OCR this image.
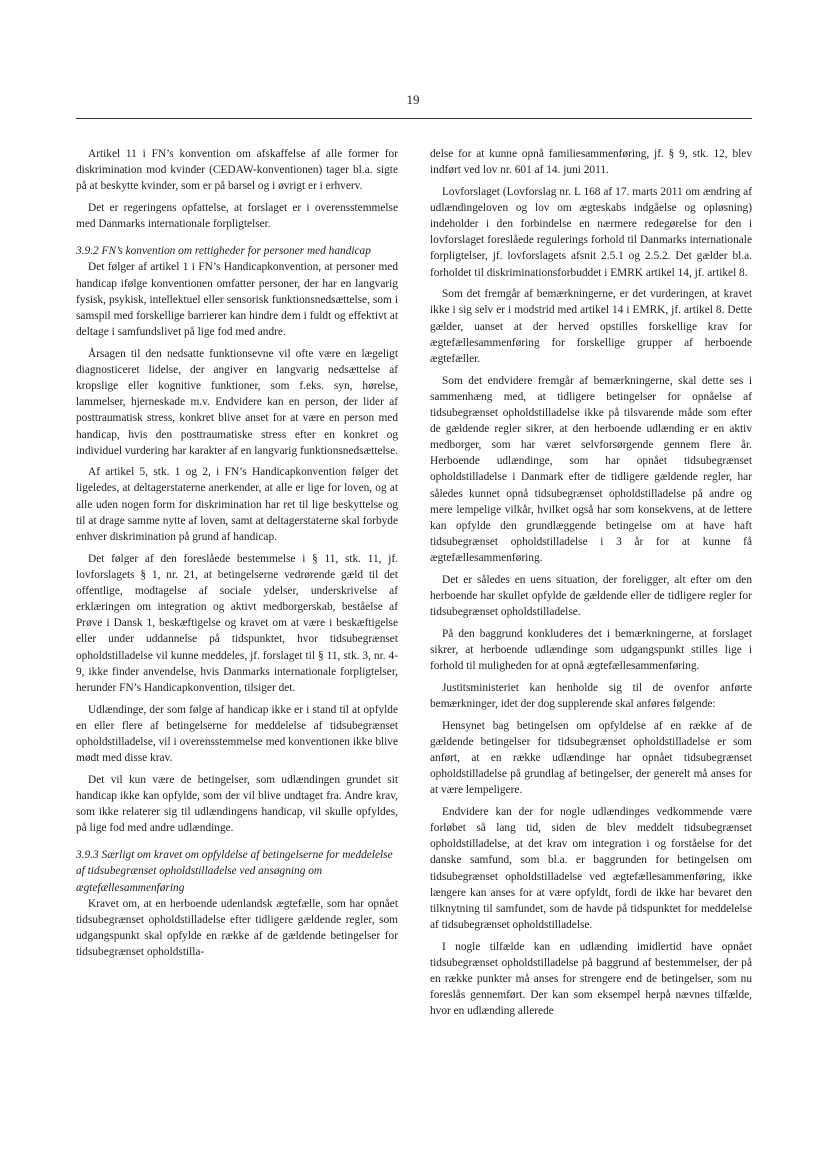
19

Artikel 11 i FN’s konvention om afskaffelse af alle former for diskrimination mod kvinder (CEDAW-konventionen) tager bl.a. sigte på at beskytte kvinder, som er på barsel og i øvrigt er i erhverv.

Det er regeringens opfattelse, at forslaget er i overensstemmelse med Danmarks internationale forpligtelser.

3.9.2 FN’s konvention om rettigheder for personer med handicap

Det følger af artikel 1 i FN’s Handicapkonvention, at personer med handicap ifølge konventionen omfatter personer, der har en langvarig fysisk, psykisk, intellektuel eller sensorisk funktionsnedsættelse, som i samspil med forskellige barrierer kan hindre dem i fuldt og effektivt at deltage i samfundslivet på lige fod med andre.

Årsagen til den nedsatte funktionsevne vil ofte være en lægeligt diagnosticeret lidelse, der angiver en langvarig nedsættelse af kropslige eller kognitive funktioner, som f.eks. syn, hørelse, lammelser, hjerneskade m.v. Endvidere kan en person, der lider af posttraumatisk stress, konkret blive anset for at være en person med handicap, hvis den posttraumatiske stress efter en konkret og individuel vurdering har karakter af en langvarig funktionsnedsættelse.

Af artikel 5, stk. 1 og 2, i FN’s Handicapkonvention følger det ligeledes, at deltagerstaterne anerkender, at alle er lige for loven, og at alle uden nogen form for diskrimination har ret til lige beskyttelse og til at drage samme nytte af loven, samt at deltagerstaterne skal forbyde enhver diskrimination på grund af handicap.

Det følger af den foreslåede bestemmelse i § 11, stk. 11, jf. lovforslagets § 1, nr. 21, at betingelserne vedrørende gæld til det offentlige, modtagelse af sociale ydelser, underskrivelse af erklæringen om integration og aktivt medborgerskab, beståelse af Prøve i Dansk 1, beskæftigelse og kravet om at være i beskæftigelse eller under uddannelse på tidspunktet, hvor tidsubegrænset opholdstilladelse vil kunne meddeles, jf. forslaget til § 11, stk. 3, nr. 4-9, ikke finder anvendelse, hvis Danmarks internationale forpligtelser, herunder FN’s Handicapkonvention, tilsiger det.

Udlændinge, der som følge af handicap ikke er i stand til at opfylde en eller flere af betingelserne for meddelelse af tidsubegrænset opholdstilladelse, vil i overensstemmelse med konventionen ikke blive mødt med disse krav.

Det vil kun være de betingelser, som udlændingen grundet sit handicap ikke kan opfylde, som der vil blive undtaget fra. Andre krav, som ikke relaterer sig til udlændingens handicap, vil skulle opfyldes, på lige fod med andre udlændinge.

3.9.3 Særligt om kravet om opfyldelse af betingelserne for meddelelse af tidsubegrænset opholdstilladelse ved ansøgning om ægtefællesammenføring

Kravet om, at en herboende udenlandsk ægtefælle, som har opnået tidsubegrænset opholdstilladelse efter tidligere gældende regler, som udgangspunkt skal opfylde en række af de gældende betingelser for tidsubegrænset opholdstilla-

delse for at kunne opnå familiesammenføring, jf. § 9, stk. 12, blev indført ved lov nr. 601 af 14. juni 2011.

Lovforslaget (Lovforslag nr. L 168 af 17. marts 2011 om ændring af udlændingeloven og lov om ægteskabs indgåelse og opløsning) indeholder i den forbindelse en nærmere redegørelse for den i lovforslaget foreslåede regulerings forhold til Danmarks internationale forpligtelser, jf. lovforslagets afsnit 2.5.1 og 2.5.2. Det gælder bl.a. forholdet til diskriminationsforbuddet i EMRK artikel 14, jf. artikel 8.

Som det fremgår af bemærkningerne, er det vurderingen, at kravet ikke i sig selv er i modstrid med artikel 14 i EMRK, jf. artikel 8. Dette gælder, uanset at der herved opstilles forskellige krav for ægtefællesammenføring for forskellige grupper af herboende ægtefæller.

Som det endvidere fremgår af bemærkningerne, skal dette ses i sammenhæng med, at tidligere betingelser for opnåelse af tidsubegrænset opholdstilladelse ikke på tilsvarende måde som efter de gældende regler sikrer, at den herboende udlænding er en aktiv medborger, som har været selvforsørgende gennem flere år. Herboende udlændinge, som har opnået tidsubegrænset opholdstilladelse i Danmark efter de tidligere gældende regler, har således kunnet opnå tidsubegrænset opholdstilladelse på andre og mere lempelige vilkår, hvilket også har som konsekvens, at de lettere kan opfylde den grundlæggende betingelse om at have haft tidsubegrænset opholdstilladelse i 3 år for at kunne få ægtefællesammenføring.

Det er således en uens situation, der foreligger, alt efter om den herboende har skullet opfylde de gældende eller de tidligere regler for tidsubegrænset opholdstilladelse.

På den baggrund konkluderes det i bemærkningerne, at forslaget sikrer, at herboende udlændinge som udgangspunkt stilles lige i forhold til muligheden for at opnå ægtefællesammenføring.

Justitsministeriet kan henholde sig til de ovenfor anførte bemærkninger, idet der dog supplerende skal anføres følgende:

Hensynet bag betingelsen om opfyldelse af en række af de gældende betingelser for tidsubegrænset opholdstilladelse er som anført, at en række udlændinge har opnået tidsubegrænset opholdstilladelse på grundlag af betingelser, der generelt må anses for at være lempeligere.

Endvidere kan der for nogle udlændinges vedkommende være forløbet så lang tid, siden de blev meddelt tidsubegrænset opholdstilladelse, at det krav om integration i og forståelse for det danske samfund, som bl.a. er baggrunden for betingelsen om tidsubegrænset opholdstilladelse ved ægtefællesammenføring, ikke længere kan anses for at være opfyldt, fordi de ikke har bevaret den tilknytning til samfundet, som de havde på tidspunktet for meddelelse af tidsubegrænset opholdstilladelse.

I nogle tilfælde kan en udlænding imidlertid have opnået tidsubegrænset opholdstilladelse på baggrund af bestemmelser, der på en række punkter må anses for strengere end de betingelser, som nu foreslås gennemført. Der kan som eksempel herpå nævnes tilfælde, hvor en udlænding allerede
